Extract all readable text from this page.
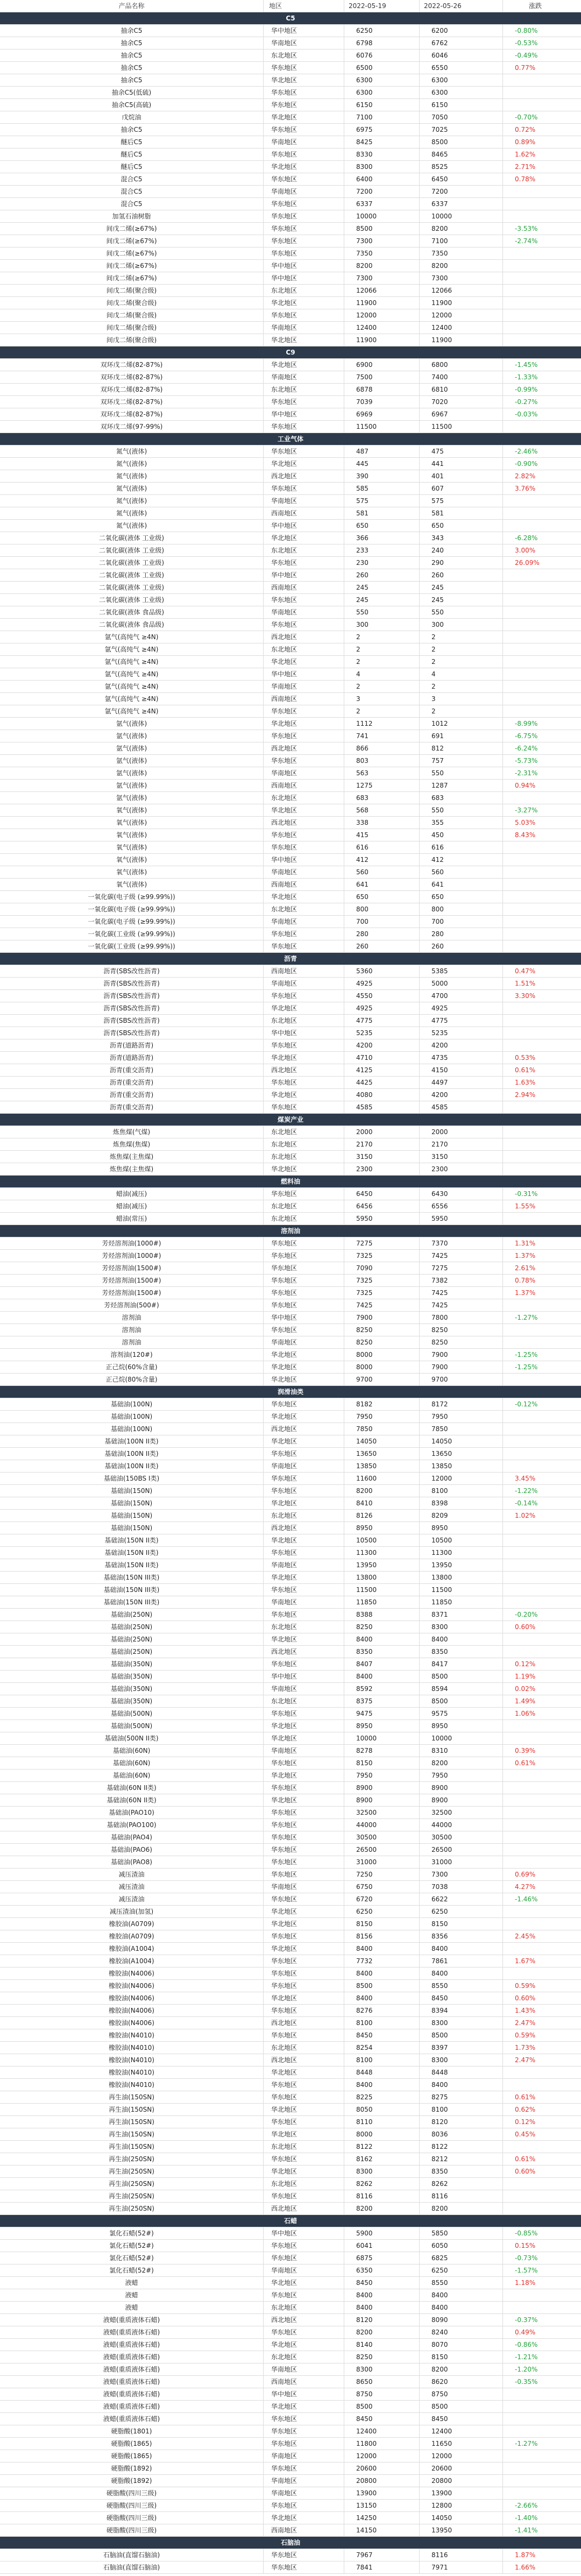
产品名称	地区	2022-05-19	2022-05-26	涨跌
C5
抽余C5	华中地区	6250	6200	-0.80%
抽余C5	华南地区	6798	6762	-0.53%
抽余C5	东北地区	6076	6046	-0.49%
抽余C5	华东地区	6500	6550	0.77%
抽余C5	华北地区	6300	6300
抽余C5(低硫)	华东地区	6300	6300
抽余C5(高硫)	华东地区	6150	6150
戊烷油	华北地区	7100	7050	-0.70%
抽余C5	华东地区	6975	7025	0.72%
醚后C5	华南地区	8425	8500	0.89%
醚后C5	华东地区	8330	8465	1.62%
醚后C5	华北地区	8300	8525	2.71%
混合C5	华东地区	6400	6450	0.78%
混合C5	华南地区	7200	7200
混合C5	华东地区	6337	6337
加氢石油树脂	华东地区	10000	10000
间戊二烯(≥67%)	华东地区	8500	8200	-3.53%
间戊二烯(≥67%)	华东地区	7300	7100	-2.74%
间戊二烯(≥67%)	华东地区	7350	7350
间戊二烯(≥67%)	华中地区	8200	8200
间戊二烯(≥67%)	华中地区	7300	7300
间戊二烯(聚合级)	东北地区	12066	12066
间戊二烯(聚合级)	华北地区	11900	11900
间戊二烯(聚合级)	华东地区	12000	12000
间戊二烯(聚合级)	华南地区	12400	12400
间戊二烯(聚合级)	华北地区	11900	11900
C9
双环戊二烯(82-87%)	华北地区	6900	6800	-1.45%
双环戊二烯(82-87%)	华南地区	7500	7400	-1.33%
双环戊二烯(82-87%)	东北地区	6878	6810	-0.99%
双环戊二烯(82-87%)	华东地区	7039	7020	-0.27%
双环戊二烯(82-87%)	华中地区	6969	6967	-0.03%
双环戊二烯(97-99%)	华东地区	11500	11500
工业气体
氮气(液体)	华东地区	487	475	-2.46%
氮气(液体)	华北地区	445	441	-0.90%
氮气(液体)	西北地区	390	401	2.82%
氮气(液体)	华东地区	585	607	3.76%
氮气(液体)	华南地区	575	575
氮气(液体)	西南地区	581	581
氮气(液体)	华中地区	650	650
二氧化碳(液体 工业级)	华北地区	366	343	-6.28%
二氧化碳(液体 工业级)	东北地区	233	240	3.00%
二氧化碳(液体 工业级)	华东地区	230	290	26.09%
二氧化碳(液体 工业级)	华中地区	260	260
二氧化碳(液体 工业级)	西南地区	245	245
二氧化碳(液体 工业级)	华东地区	245	245
二氧化碳(液体 食品级)	华南地区	550	550
二氧化碳(液体 食品级)	华东地区	300	300
氩气(高纯气 ≥4N)	西北地区	2	2
氩气(高纯气 ≥4N)	东北地区	2	2
氩气(高纯气 ≥4N)	华北地区	2	2
氩气(高纯气 ≥4N)	华中地区	4	4
氩气(高纯气 ≥4N)	华南地区	2	2
氩气(高纯气 ≥4N)	西南地区	3	3
氩气(高纯气 ≥4N)	华东地区	2	2
氩气(液体)	华北地区	1112	1012	-8.99%
氩气(液体)	华东地区	741	691	-6.75%
氩气(液体)	西北地区	866	812	-6.24%
氩气(液体)	华东地区	803	757	-5.73%
氩气(液体)	华南地区	563	550	-2.31%
氩气(液体)	西南地区	1275	1287	0.94%
氩气(液体)	东北地区	683	683
氧气(液体)	华北地区	568	550	-3.27%
氧气(液体)	西北地区	338	355	5.03%
氧气(液体)	华东地区	415	450	8.43%
氧气(液体)	华东地区	616	616
氧气(液体)	华中地区	412	412
氧气(液体)	华南地区	560	560
氧气(液体)	西南地区	641	641
一氧化碳(电子级 (≥99.99%))	华北地区	650	650
一氧化碳(电子级 (≥99.99%))	东北地区	800	800
一氧化碳(电子级 (≥99.99%))	华南地区	700	700
一氧化碳(工业级 (≥99.99%))	华东地区	280	280
一氧化碳(工业级 (≥99.99%))	华东地区	260	260
沥青
沥青(SBS改性沥青)	西南地区	5360	5385	0.47%
沥青(SBS改性沥青)	华南地区	4925	5000	1.51%
沥青(SBS改性沥青)	华东地区	4550	4700	3.30%
沥青(SBS改性沥青)	华北地区	4925	4925
沥青(SBS改性沥青)	东北地区	4775	4775
沥青(SBS改性沥青)	华中地区	5235	5235
沥青(道路沥青)	华东地区	4200	4200
沥青(道路沥青)	华北地区	4710	4735	0.53%
沥青(重交沥青)	西北地区	4125	4150	0.61%
沥青(重交沥青)	华东地区	4425	4497	1.63%
沥青(重交沥青)	华北地区	4080	4200	2.94%
沥青(重交沥青)	华东地区	4585	4585
煤炭产业
炼焦煤(气煤)	东北地区	2000	2000
炼焦煤(焦煤)	东北地区	2170	2170
炼焦煤(主焦煤)	东北地区	3150	3150
炼焦煤(主焦煤)	华北地区	2300	2300
燃料油
蜡油(减压)	华东地区	6450	6430	-0.31%
蜡油(减压)	东北地区	6456	6556	1.55%
蜡油(常压)	东北地区	5950	5950
溶剂油
芳烃溶剂油(1000#)	华东地区	7275	7370	1.31%
芳烃溶剂油(1000#)	华东地区	7325	7425	1.37%
芳烃溶剂油(1500#)	华东地区	7090	7275	2.61%
芳烃溶剂油(1500#)	华东地区	7325	7382	0.78%
芳烃溶剂油(1500#)	华东地区	7325	7425	1.37%
芳烃溶剂油(500#)	华东地区	7425	7425
溶剂油	华中地区	7900	7800	-1.27%
溶剂油	华东地区	8250	8250
溶剂油	华南地区	8250	8250
溶剂油(120#)	华北地区	8000	7900	-1.25%
正己烷(60%含量)	华北地区	8000	7900	-1.25%
正己烷(80%含量)	华北地区	9700	9700
润滑油类
基础油(100N)	华东地区	8182	8172	-0.12%
基础油(100N)	华北地区	7950	7950
基础油(100N)	西北地区	7850	7850
基础油(100N II类)	华北地区	14050	14050
基础油(100N II类)	华东地区	13650	13650
基础油(100N II类)	华南地区	13850	13850
基础油(150BS I类)	华东地区	11600	12000	3.45%
基础油(150N)	华东地区	8200	8100	-1.22%
基础油(150N)	华北地区	8410	8398	-0.14%
基础油(150N)	东北地区	8126	8209	1.02%
基础油(150N)	西北地区	8950	8950
基础油(150N II类)	华北地区	10500	10500
基础油(150N II类)	华东地区	11300	11300
基础油(150N II类)	华南地区	13950	13950
基础油(150N III类)	华北地区	13800	13800
基础油(150N III类)	华东地区	11500	11500
基础油(150N III类)	华南地区	11850	11850
基础油(250N)	华东地区	8388	8371	-0.20%
基础油(250N)	东北地区	8250	8300	0.60%
基础油(250N)	华北地区	8400	8400
基础油(250N)	西北地区	8350	8350
基础油(350N)	华东地区	8407	8417	0.12%
基础油(350N)	华中地区	8400	8500	1.19%
基础油(350N)	华南地区	8592	8594	0.02%
基础油(350N)	东北地区	8375	8500	1.49%
基础油(500N)	华东地区	9475	9575	1.06%
基础油(500N)	华北地区	8950	8950
基础油(500N II类)	华北地区	10000	10000
基础油(60N)	华南地区	8278	8310	0.39%
基础油(60N)	华东地区	8150	8200	0.61%
基础油(60N)	华北地区	7950	7950
基础油(60N II类)	华东地区	8900	8900
基础油(60N II类)	华北地区	8900	8900
基础油(PAO10)	华东地区	32500	32500
基础油(PAO100)	华东地区	44000	44000
基础油(PAO4)	华东地区	30500	30500
基础油(PAO6)	华东地区	26500	26500
基础油(PAO8)	华东地区	31000	31000
减压渣油	华东地区	7250	7300	0.69%
减压渣油	华南地区	6750	7038	4.27%
减压渣油	华东地区	6720	6622	-1.46%
减压渣油(加氢)	华北地区	6250	6250
橡胶油(A0709)	华北地区	8150	8150
橡胶油(A0709)	华东地区	8156	8356	2.45%
橡胶油(A1004)	华北地区	8400	8400
橡胶油(A1004)	华东地区	7732	7861	1.67%
橡胶油(N4006)	华东地区	8400	8400
橡胶油(N4006)	华东地区	8500	8550	0.59%
橡胶油(N4006)	华北地区	8400	8450	0.60%
橡胶油(N4006)	华东地区	8276	8394	1.43%
橡胶油(N4006)	西北地区	8100	8300	2.47%
橡胶油(N4010)	华东地区	8450	8500	0.59%
橡胶油(N4010)	东北地区	8254	8397	1.73%
橡胶油(N4010)	西北地区	8100	8300	2.47%
橡胶油(N4010)	华北地区	8448	8448
橡胶油(N4010)	华东地区	8400	8400
再生油(150SN)	华东地区	8225	8275	0.61%
再生油(150SN)	华北地区	8050	8100	0.62%
再生油(150SN)	华东地区	8110	8120	0.12%
再生油(150SN)	华北地区	8000	8036	0.45%
再生油(150SN)	东北地区	8122	8122
再生油(250SN)	华东地区	8162	8212	0.61%
再生油(250SN)	华北地区	8300	8350	0.60%
再生油(250SN)	东北地区	8262	8262
再生油(250SN)	华东地区	8116	8116
再生油(250SN)	西北地区	8200	8200
石蜡
氯化石蜡(52#)	华中地区	5900	5850	-0.85%
氯化石蜡(52#)	华东地区	6041	6050	0.15%
氯化石蜡(52#)	华东地区	6875	6825	-0.73%
氯化石蜡(52#)	华南地区	6350	6250	-1.57%
液蜡	华北地区	8450	8550	1.18%
液蜡	华东地区	8400	8400
液蜡	东北地区	8400	8400
液蜡(重质液体石蜡)	西北地区	8120	8090	-0.37%
液蜡(重质液体石蜡)	华东地区	8200	8240	0.49%
液蜡(重质液体石蜡)	华北地区	8140	8070	-0.86%
液蜡(重质液体石蜡)	东北地区	8250	8150	-1.21%
液蜡(重质液体石蜡)	华南地区	8300	8200	-1.20%
液蜡(重质液体石蜡)	西南地区	8650	8620	-0.35%
液蜡(重质液体石蜡)	华中地区	8750	8750
液蜡(重质液体石蜡)	华北地区	8500	8500
液蜡(重质液体石蜡)	华东地区	8450	8450
硬脂酸(1801)	华东地区	12400	12400
硬脂酸(1865)	华东地区	11800	11650	-1.27%
硬脂酸(1865)	华南地区	12000	12000
硬脂酸(1892)	华东地区	20600	20600
硬脂酸(1892)	华南地区	20800	20800
硬脂酸(四川三级)	华南地区	13900	13900
硬脂酸(四川三级)	华东地区	13150	12800	-2.66%
硬脂酸(四川三级)	华北地区	14250	14050	-1.40%
硬脂酸(四川三级)	西南地区	14150	13950	-1.41%
石脑油
石脑油(直馏石脑油)	华东地区	7967	8116	1.87%
石脑油(直馏石脑油)	华东地区	7841	7971	1.66%
